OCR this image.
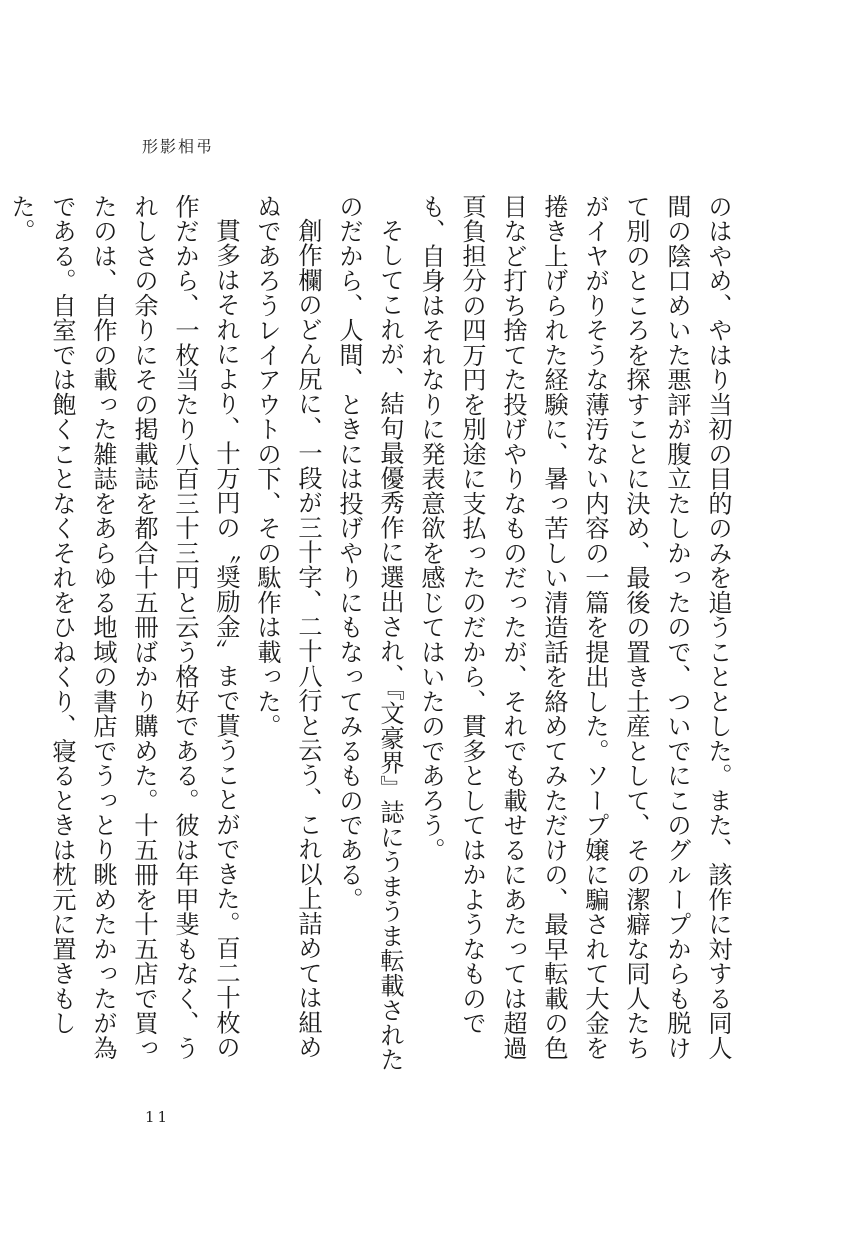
形影相弔

のはやめ、やはり当初の目的のみを追うこととした。また、該作に対する同人間の陰口めいた悪評が腹立たしかったので、ついでにこのグループからも脱けて別のところを探すことに決め、最後の置き土産として、その潔癖な同人たちがイヤがりそうな薄汚ない内容の一篇を提出した。ソープ嬢に騙されて大金を捲き上げられた経験に、暑っ苦しい清造話を絡めてみただけの、最早転載の色目など打ち捨てた投げやりなものだったが、それでも載せるにあたっては超過頁負担分の四万円を別途に支払ったのだから、貫多としてはかようなものでも、自身はそれなりに発表意欲を感じてはいたのであろう。

そしてこれが、結句最優秀作に選出され、『文豪界』誌にうまうま転載されたのだから、人間、ときには投げやりにもなってみるものである。

創作欄のどん尻に、一段が三十字、二十八行と云う、これ以上詰めては組めぬであろうレイアウトの下、その駄作は載った。

貫多はそれにより、十万円の〝奨励金〟まで貰うことができた。百二十枚の作だから、一枚当たり八百三十三円と云う格好である。彼は年甲斐もなく、うれしさの余りにその掲載誌を都合十五冊ばかり購めた。十五冊を十五店で買ったのは、自作の載った雑誌をあらゆる地域の書店でうっとり眺めたかったが為である。自室では飽くことなくそれをひねくり、寝るときは枕元に置きもした。

11
